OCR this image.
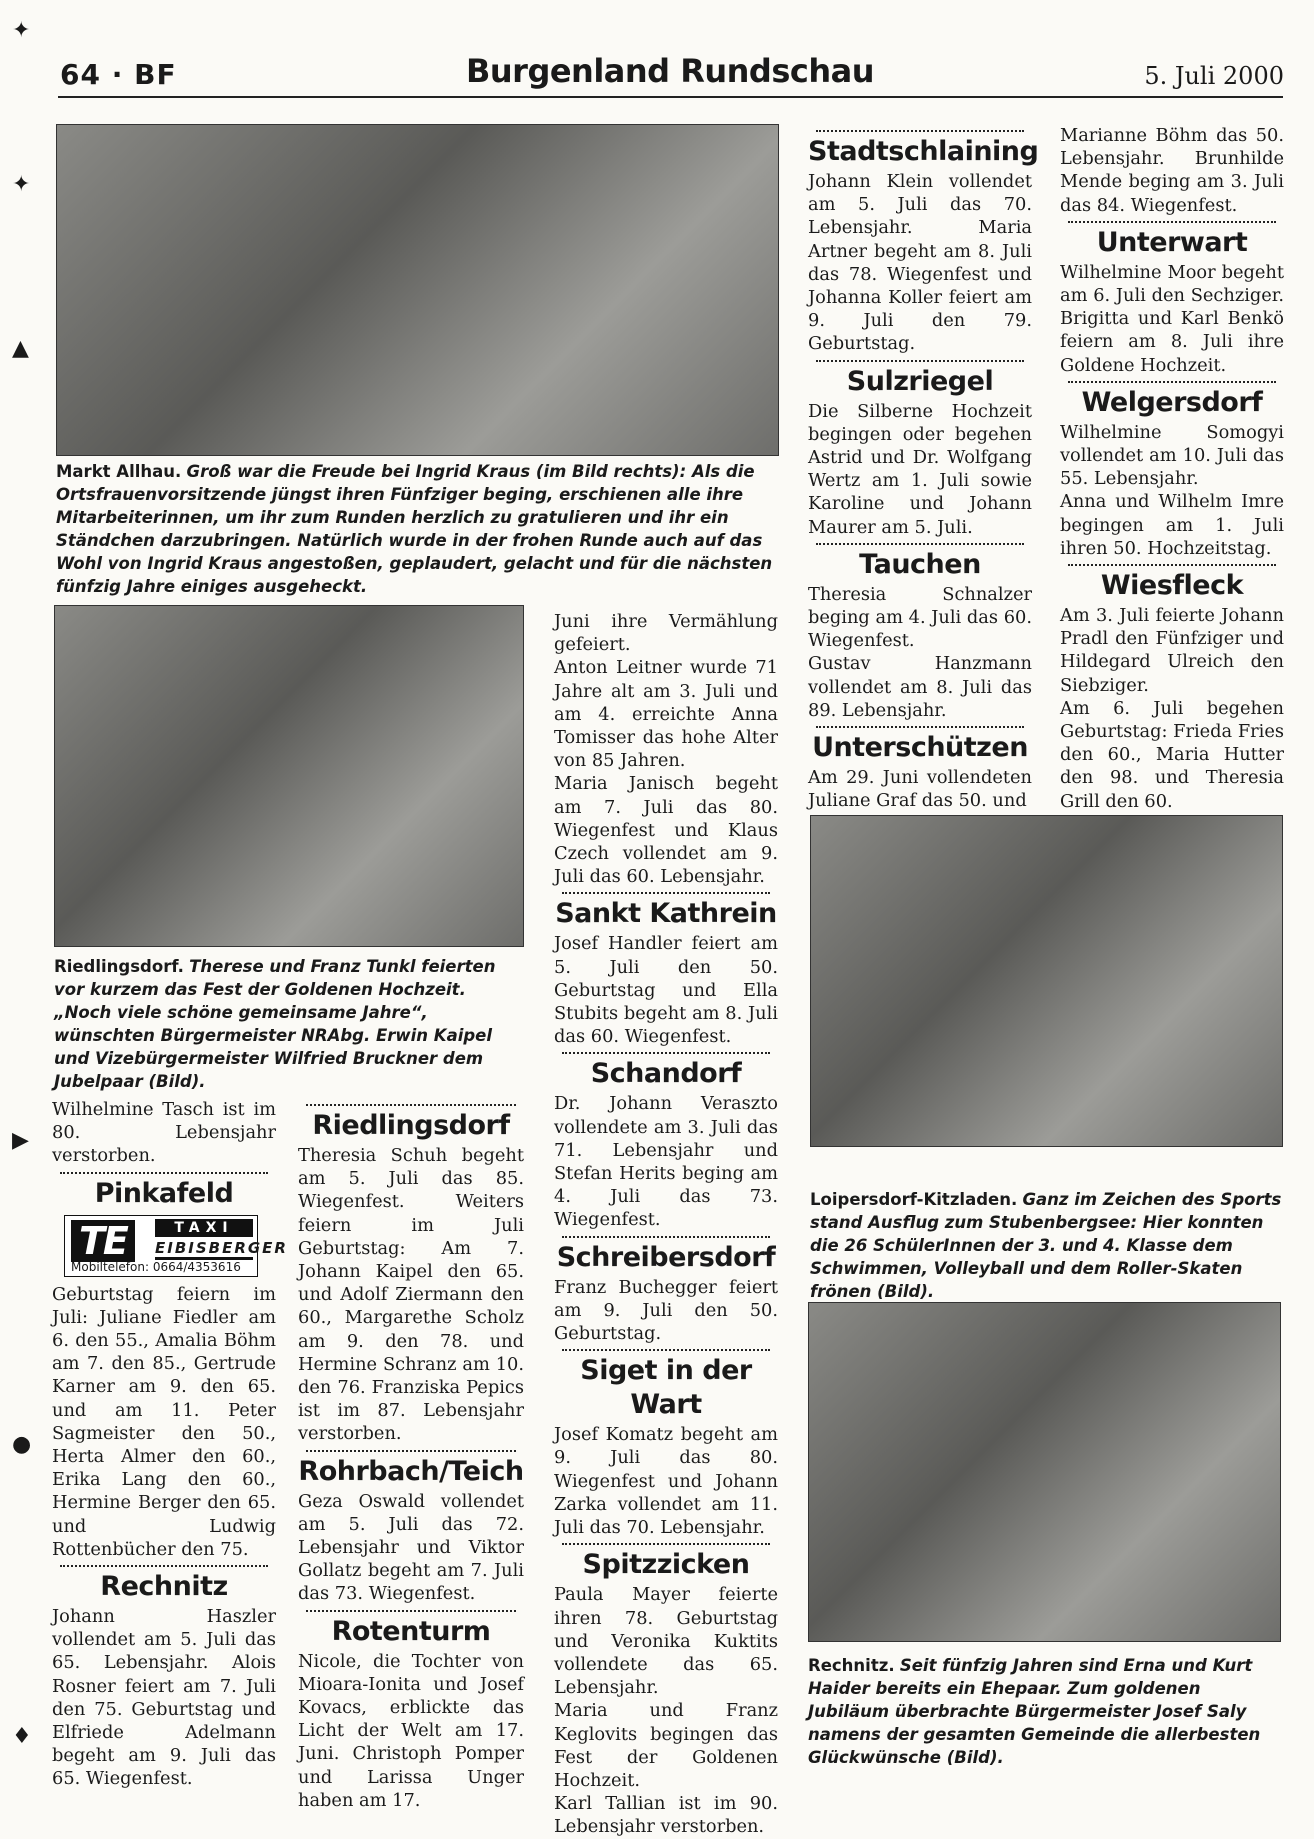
✦
✦
▲
▶
●
♦
64 · BF	Burgenland Rundschau	5. Juli 2000
Markt Allhau. Groß war die Freude bei Ingrid Kraus (im Bild rechts): Als die Ortsfrauenvorsitzende jüngst ihren Fünfziger beging, erschienen alle ihre Mitarbeiterinnen, um ihr zum Runden herzlich zu gratulieren und ihr ein Ständchen darzubringen. Natürlich wurde in der frohen Runde auch auf das Wohl von Ingrid Kraus angestoßen, geplaudert, gelacht und für die nächsten fünfzig Jahre einiges ausgeheckt.
Riedlingsdorf. Therese und Franz Tunkl feierten vor kurzem das Fest der Goldenen Hochzeit. „Noch viele schöne gemeinsame Jahre“, wünschten Bürgermeister NRAbg. Erwin Kaipel und Vizebürgermeister Wilfried Bruckner dem Jubelpaar (Bild).

Wilhelmine Tasch ist im 80. Lebensjahr verstorben.

Pinkafeld
TE	TAXI
EIBISBERGER
Mobiltelefon: 0664/4353616

Geburtstag feiern im Juli: Juliane Fiedler am 6. den 55., Amalia Böhm am 7. den 85., Gertrude Karner am 9. den 65. und am 11. Peter Sagmeister den 50., Herta Almer den 60., Erika Lang den 60., Hermine Berger den 65. und Ludwig Rottenbücher den 75.

Rechnitz

Johann Haszler vollendet am 5. Juli das 65. Lebensjahr. Alois Rosner feiert am 7. Juli den 75. Geburtstag und Elfriede Adelmann begeht am 9. Juli das 65. Wiegenfest.

Riedlingsdorf

Theresia Schuh begeht am 5. Juli das 85. Wiegenfest. Weiters feiern im Juli Geburtstag: Am 7. Johann Kaipel den 65. und Adolf Ziermann den 60., Margarethe Scholz am 9. den 78. und Hermine Schranz am 10. den 76. Franziska Pepics ist im 87. Lebensjahr verstorben.

Rohrbach/Teich

Geza Oswald vollendet am 5. Juli das 72. Lebensjahr und Viktor Gollatz begeht am 7. Juli das 73. Wiegenfest.

Rotenturm

Nicole, die Tochter von Mioara-Ionita und Josef Kovacs, erblickte das Licht der Welt am 17. Juni. Christoph Pomper und Larissa Unger haben am 17.

Juni ihre Vermählung gefeiert.

Anton Leitner wurde 71 Jahre alt am 3. Juli und am 4. erreichte Anna Tomisser das hohe Alter von 85 Jahren.

Maria Janisch begeht am 7. Juli das 80. Wiegenfest und Klaus Czech vollendet am 9. Juli das 60. Lebensjahr.

Sankt Kathrein

Josef Handler feiert am 5. Juli den 50. Geburtstag und Ella Stubits begeht am 8. Juli das 60. Wiegenfest.

Schandorf

Dr. Johann Veraszto vollendete am 3. Juli das 71. Lebensjahr und Stefan Herits beging am 4. Juli das 73. Wiegenfest.

Schreibersdorf

Franz Buchegger feiert am 9. Juli den 50. Geburtstag.

Siget in der Wart

Josef Komatz begeht am 9. Juli das 80. Wiegenfest und Johann Zarka vollendet am 11. Juli das 70. Lebensjahr.

Spitzzicken

Paula Mayer feierte ihren 78. Geburtstag und Veronika Kuktits vollendete das 65. Lebensjahr.

Maria und Franz Keglovits begingen das Fest der Goldenen Hochzeit.

Karl Tallian ist im 90. Lebensjahr verstorben.

Stadtschlaining

Johann Klein vollendet am 5. Juli das 70. Lebensjahr. Maria Artner begeht am 8. Juli das 78. Wiegenfest und Johanna Koller feiert am 9. Juli den 79. Geburtstag.

Sulzriegel

Die Silberne Hochzeit begingen oder begehen Astrid und Dr. Wolfgang Wertz am 1. Juli sowie Karoline und Johann Maurer am 5. Juli.

Tauchen

Theresia Schnalzer beging am 4. Juli das 60. Wiegenfest.

Gustav Hanzmann vollendet am 8. Juli das 89. Lebensjahr.

Unterschützen

Am 29. Juni vollendeten Juliane Graf das 50. und

Marianne Böhm das 50. Lebensjahr. Brunhilde Mende beging am 3. Juli das 84. Wiegenfest.

Unterwart

Wilhelmine Moor begeht am 6. Juli den Sechziger. Brigitta und Karl Benkö feiern am 8. Juli ihre Goldene Hochzeit.

Welgersdorf

Wilhelmine Somogyi vollendet am 10. Juli das 55. Lebensjahr.

Anna und Wilhelm Imre begingen am 1. Juli ihren 50. Hochzeitstag.

Wiesfleck

Am 3. Juli feierte Johann Pradl den Fünfziger und Hildegard Ulreich den Siebziger.

Am 6. Juli begehen Geburtstag: Frieda Fries den 60., Maria Hutter den 98. und Theresia Grill den 60.

Loipersdorf-Kitzladen. Ganz im Zeichen des Sports stand Ausflug zum Stubenbergsee: Hier konnten die 26 SchülerInnen der 3. und 4. Klasse dem Schwimmen, Volleyball und dem Roller-Skaten frönen (Bild).
Rechnitz. Seit fünfzig Jahren sind Erna und Kurt Haider bereits ein Ehepaar. Zum goldenen Jubiläum überbrachte Bürgermeister Josef Saly namens der gesamten Gemeinde die allerbesten Glückwünsche (Bild).
